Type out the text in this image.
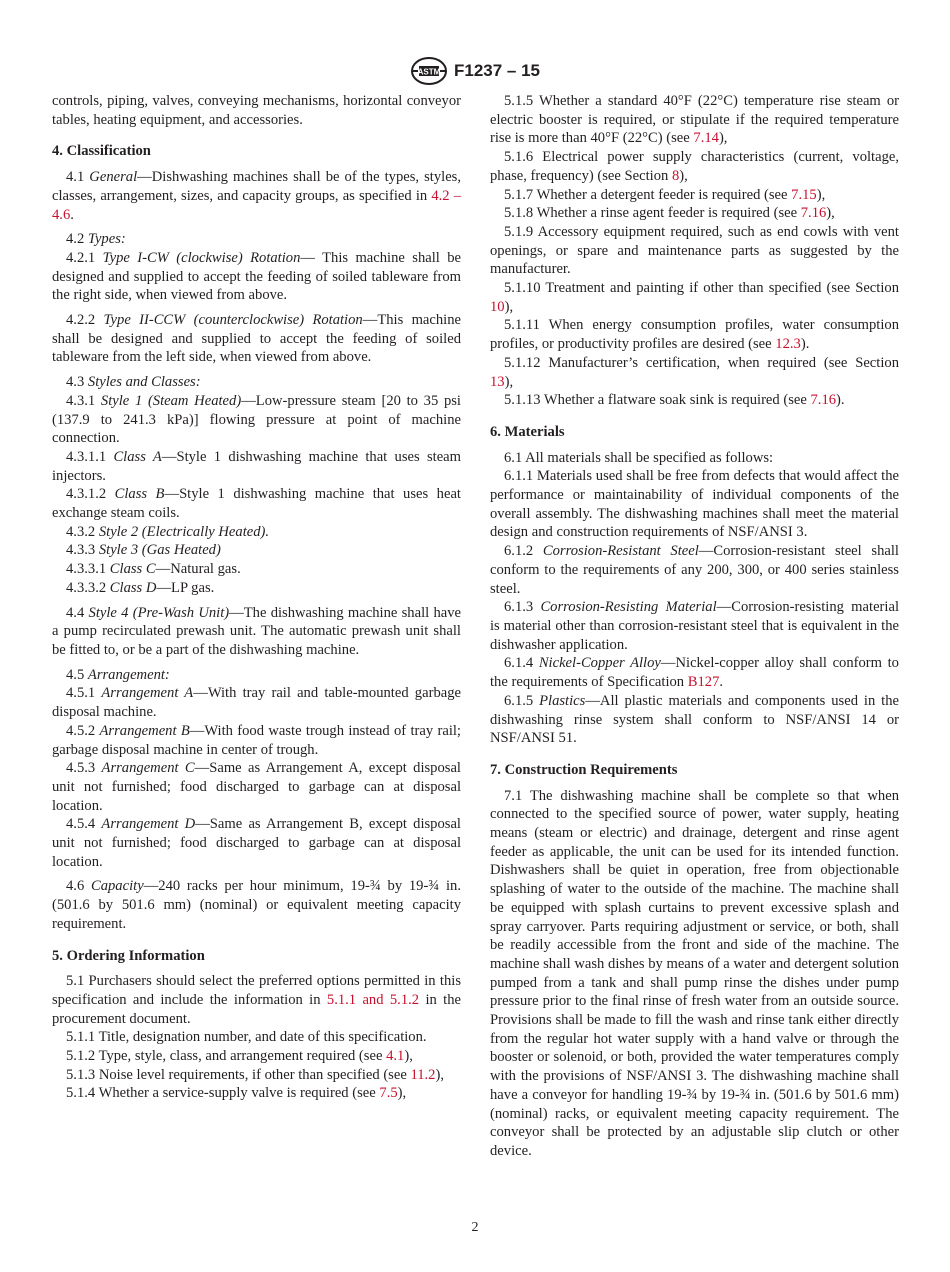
ASTM F1237 – 15

controls, piping, valves, conveying mechanisms, horizontal conveyor tables, heating equipment, and accessories.

4. Classification

4.1 General—Dishwashing machines shall be of the types, styles, classes, arrangement, sizes, and capacity groups, as specified in 4.2 – 4.6.

4.2 Types:

4.2.1 Type I-CW (clockwise) Rotation— This machine shall be designed and supplied to accept the feeding of soiled tableware from the right side, when viewed from above.

4.2.2 Type II-CCW (counterclockwise) Rotation—This machine shall be designed and supplied to accept the feeding of soiled tableware from the left side, when viewed from above.

4.3 Styles and Classes:

4.3.1 Style 1 (Steam Heated)—Low-pressure steam [20 to 35 psi (137.9 to 241.3 kPa)] flowing pressure at point of machine connection.

4.3.1.1 Class A—Style 1 dishwashing machine that uses steam injectors.

4.3.1.2 Class B—Style 1 dishwashing machine that uses heat exchange steam coils.

4.3.2 Style 2 (Electrically Heated).

4.3.3 Style 3 (Gas Heated)

4.3.3.1 Class C—Natural gas.

4.3.3.2 Class D—LP gas.

4.4 Style 4 (Pre-Wash Unit)—The dishwashing machine shall have a pump recirculated prewash unit. The automatic prewash unit shall be fitted to, or be a part of the dishwashing machine.

4.5 Arrangement:

4.5.1 Arrangement A—With tray rail and table-mounted garbage disposal machine.

4.5.2 Arrangement B—With food waste trough instead of tray rail; garbage disposal machine in center of trough.

4.5.3 Arrangement C—Same as Arrangement A, except disposal unit not furnished; food discharged to garbage can at disposal location.

4.5.4 Arrangement D—Same as Arrangement B, except disposal unit not furnished; food discharged to garbage can at disposal location.

4.6 Capacity—240 racks per hour minimum, 19-¾ by 19-¾ in. (501.6 by 501.6 mm) (nominal) or equivalent meeting capacity requirement.

5. Ordering Information

5.1 Purchasers should select the preferred options permitted in this specification and include the information in 5.1.1 and 5.1.2 in the procurement document.

5.1.1 Title, designation number, and date of this specification.

5.1.2 Type, style, class, and arrangement required (see 4.1),

5.1.3 Noise level requirements, if other than specified (see 11.2),

5.1.4 Whether a service-supply valve is required (see 7.5),

5.1.5 Whether a standard 40°F (22°C) temperature rise steam or electric booster is required, or stipulate if the required temperature rise is more than 40°F (22°C) (see 7.14),

5.1.6 Electrical power supply characteristics (current, voltage, phase, frequency) (see Section 8),

5.1.7 Whether a detergent feeder is required (see 7.15),

5.1.8 Whether a rinse agent feeder is required (see 7.16),

5.1.9 Accessory equipment required, such as end cowls with vent openings, or spare and maintenance parts as suggested by the manufacturer.

5.1.10 Treatment and painting if other than specified (see Section 10),

5.1.11 When energy consumption profiles, water consumption profiles, or productivity profiles are desired (see 12.3).

5.1.12 Manufacturer’s certification, when required (see Section 13),

5.1.13 Whether a flatware soak sink is required (see 7.16).

6. Materials

6.1 All materials shall be specified as follows:

6.1.1 Materials used shall be free from defects that would affect the performance or maintainability of individual components of the overall assembly. The dishwashing machines shall meet the material design and construction requirements of NSF/ANSI 3.

6.1.2 Corrosion-Resistant Steel—Corrosion-resistant steel shall conform to the requirements of any 200, 300, or 400 series stainless steel.

6.1.3 Corrosion-Resisting Material—Corrosion-resisting material is material other than corrosion-resistant steel that is equivalent in the dishwasher application.

6.1.4 Nickel-Copper Alloy—Nickel-copper alloy shall conform to the requirements of Specification B127.

6.1.5 Plastics—All plastic materials and components used in the dishwashing rinse system shall conform to NSF/ANSI 14 or NSF/ANSI 51.

7. Construction Requirements

7.1 The dishwashing machine shall be complete so that when connected to the specified source of power, water supply, heating means (steam or electric) and drainage, detergent and rinse agent feeder as applicable, the unit can be used for its intended function. Dishwashers shall be quiet in operation, free from objectionable splashing of water to the outside of the machine. The machine shall be equipped with splash curtains to prevent excessive splash and spray carryover. Parts requiring adjustment or service, or both, shall be readily accessible from the front and side of the machine. The machine shall wash dishes by means of a water and detergent solution pumped from a tank and shall pump rinse the dishes under pump pressure prior to the final rinse of fresh water from an outside source. Provisions shall be made to fill the wash and rinse tank either directly from the regular hot water supply with a hand valve or through the booster or solenoid, or both, provided the water temperatures comply with the provisions of NSF/ANSI 3. The dishwashing machine shall have a conveyor for handling 19-¾ by 19-¾ in. (501.6 by 501.6 mm) (nominal) racks, or equivalent meeting capacity requirement. The conveyor shall be protected by an adjustable slip clutch or other device.

2
